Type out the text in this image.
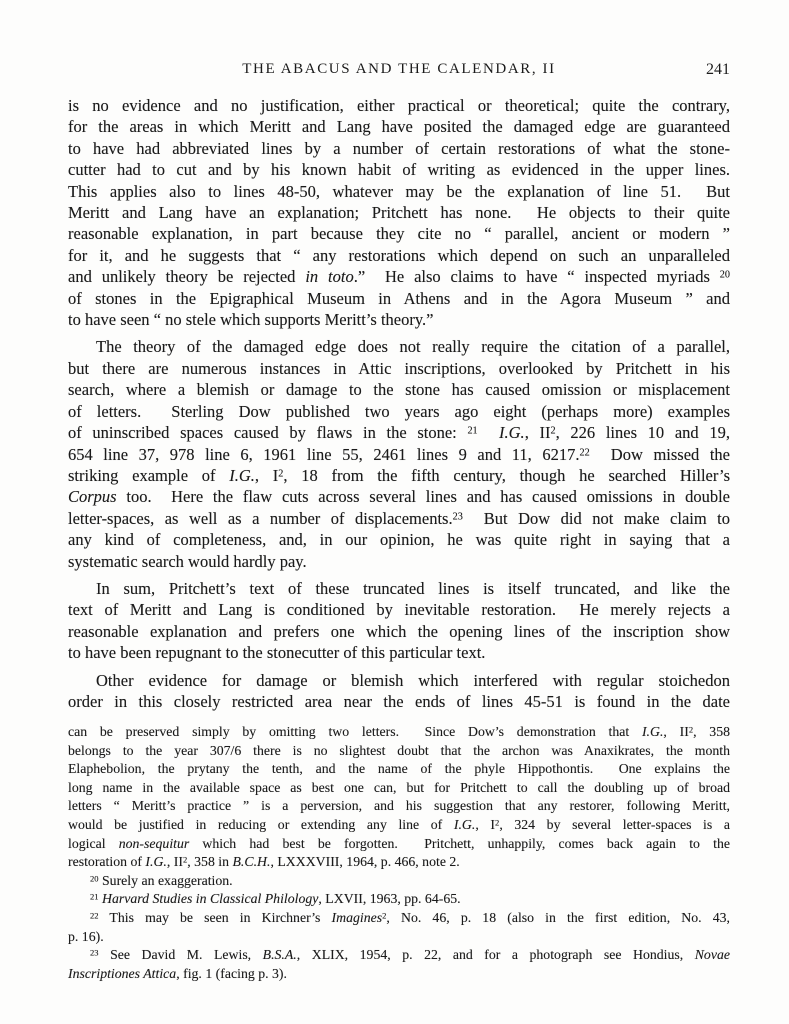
THE ABACUS AND THE CALENDAR, II	241
is no evidence and no justification, either practical or theoretical; quite the contrary,
for the areas in which Meritt and Lang have posited the damaged edge are guaranteed
to have had abbreviated lines by a number of certain restorations of what the stone-
cutter had to cut and by his known habit of writing as evidenced in the upper lines.
This applies also to lines 48-50, whatever may be the explanation of line 51.  But
Meritt and Lang have an explanation; Pritchett has none.  He objects to their quite
reasonable explanation, in part because they cite no “ parallel, ancient or modern ”
for it, and he suggests that “ any restorations which depend on such an unparalleled
and unlikely theory be rejected in toto.”  He also claims to have “ inspected myriads $^{20}$
of stones in the Epigraphical Museum in Athens and in the Agora Museum ” and
to have seen “ no stele which supports Meritt’s theory.”
The theory of the damaged edge does not really require the citation of a parallel,
but there are numerous instances in Attic inscriptions, overlooked by Pritchett in his
search, where a blemish or damage to the stone has caused omission or misplacement
of letters.  Sterling Dow published two years ago eight (perhaps more) examples
of uninscribed spaces caused by flaws in the stone: $^{21}$ I.G., $II^2$, 226 lines 10 and 19,
654 line 37, 978 line 6, 1961 line 55, 2461 lines 9 and 11, 6217.22  Dow missed the
striking example of I.G., $I^2$, 18 from the fifth century, though he searched Hiller’s
Corpus too.  Here the flaw cuts across several lines and has caused omissions in double
letter-spaces, as well as a number of displacements.$^{23}$  But Dow did not make claim to
any kind of completeness, and, in our opinion, he was quite right in saying that a
systematic search would hardly pay.
In sum, Pritchett’s text of these truncated lines is itself truncated, and like the
text of Meritt and Lang is conditioned by inevitable restoration.  He merely rejects a
reasonable explanation and prefers one which the opening lines of the inscription show
to have been repugnant to the stonecutter of this particular text.
Other evidence for damage or blemish which interfered with regular stoichedon
order in this closely restricted area near the ends of lines 45-51 is found in the date
can be preserved simply by omitting two letters.  Since Dow’s demonstration that I.G., $II^2$, 358
belongs to the year 307/6 there is no slightest doubt that the archon was Anaxikrates, the month
Elaphebolion, the prytany the tenth, and the name of the phyle Hippothontis.  One explains the
long name in the available space as best one can, but for Pritchett to call the doubling up of broad
letters “ Meritt’s practice ” is a perversion, and his suggestion that any restorer, following Meritt,
would be justified in reducing or extending any line of I.G., $I^2$, 324 by several letter-spaces is a
logical non-sequitur which had best be forgotten.  Pritchett, unhappily, comes back again to the
restoration of I.G., $II^2$, 358 in B.C.H., LXXXVIII, 1964, p. 466, note 2.
$^{20}$ Surely an exaggeration.
$^{21}$ Harvard Studies in Classical Philology, LXVII, 1963, pp. 64-65.
$^{22}$ This may be seen in Kirchner’s Imagines$^2$, No. 46, p. 18 (also in the first edition, No. 43,
p. 16).
$^{23}$ See David M. Lewis, B.S.A., XLIX, 1954, p. 22, and for a photograph see Hondius, Novae
Inscriptiones Attica, fig. 1 (facing p. 3).
